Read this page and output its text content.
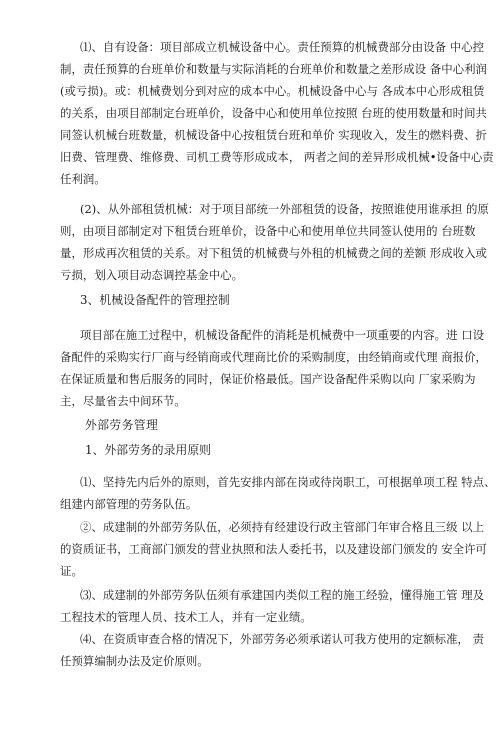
⑴、自有设备：项目部成立机械设备中心。责任预算的机械费部分由设备 中心控
制，责任预算的台班单价和数量与实际消耗的台班单价和数量之差形成设 备中心利润
(或亏损)。或：机械费划分到对应的成本中心。机械设备中心与 各成本中心形成租赁
的关系，由项目部制定台班单价，设备中心和使用单位按照 台班的使用数量和时间共
同签认机械台班数量，机械设备中心按租赁台班和单价 实现收入，发生的燃料费、折
旧费、管理费、维修费、司机工费等形成成本， 两者之间的差异形成机械•设备中心责
任利润。
(2)、从外部租赁机械：对于项目部统一外部租赁的设备，按照谁使用谁承担 的原
则，由项目部制定对下租赁台班单价，设备中心和使用单位共同签认使用的 台班数
量，形成再次租赁的关系。对下租赁的机械费与外租的机械费之间的差额 形成收入或
亏损，划入项目动态调控基金中心。
3、机械设备配件的管理控制
项目部在施工过程中，机械设备配件的消耗是机械费中一项重要的内容。进 口设
备配件的采购实行厂商与经销商或代理商比价的采购制度，由经销商或代理 商报价，
在保证质量和售后服务的同时，保证价格最低。国产设备配件采购以向 厂家采购为
主，尽量省去中间环节。
外部劳务管理
1、外部劳务的录用原则
⑴、坚持先内后外的原则，首先安排内部在岗或待岗职工，可根据单项工程 特点、
组建内部管理的劳务队伍。
②、成建制的外部劳务队伍，必须持有经建设行政主管部门年审合格且三级 以上
的资质证书，工商部门颁发的营业执照和法人委托书，以及建设部门颁发的 安全许可
证。
⑶、成建制的外部劳务队伍须有承建国内类似工程的施工经验，懂得施工管 理及
工程技术的管理人员、技术工人，并有一定业绩。
⑷、在资质审查合格的情况下，外部劳务必须承诺认可我方使用的定额标准， 责
任预算编制办法及定价原则。
